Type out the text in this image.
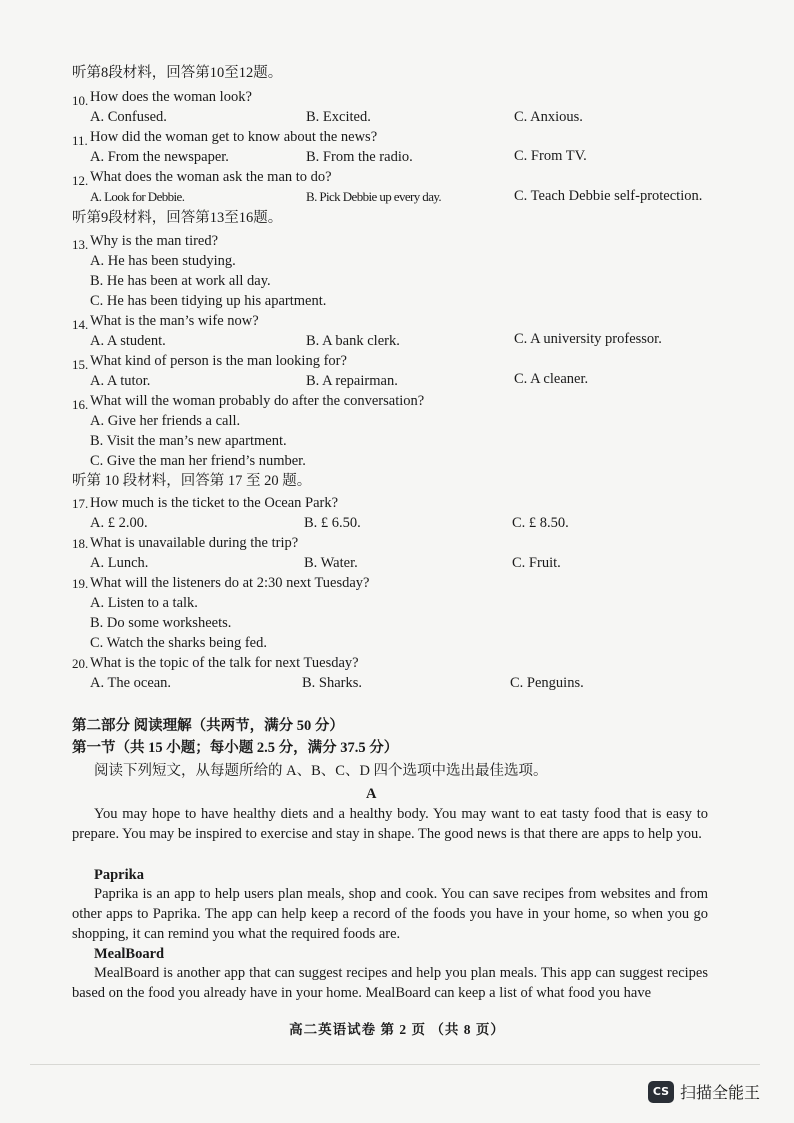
听第8段材料，回答第10至12题。
10. How does the woman look?
A. Confused.	B. Excited.	C. Anxious.
11. How did the woman get to know about the news?
A. From the newspaper.	B. From the radio.	C. From TV.
12. What does the woman ask the man to do?
A. Look for Debbie.	B. Pick Debbie up every day.	C. Teach Debbie self-protection.
听第9段材料，回答第13至16题。
13. Why is the man tired?
A. He has been studying.
B. He has been at work all day.
C. He has been tidying up his apartment.
14. What is the man’s wife now?
A. A student.	B. A bank clerk.	C. A university professor.
15. What kind of person is the man looking for?
A. A tutor.	B. A repairman.	C. A cleaner.
16. What will the woman probably do after the conversation?
A. Give her friends a call.
B. Visit the man’s new apartment.
C. Give the man her friend’s number.
听第 10 段材料，回答第 17 至 20 题。
17. How much is the ticket to the Ocean Park?
A. £ 2.00.	B. £ 6.50.	C. £ 8.50.
18. What is unavailable during the trip?
A. Lunch.	B. Water.	C. Fruit.
19. What will the listeners do at 2:30 next Tuesday?
A. Listen to a talk.
B. Do some worksheets.
C. Watch the sharks being fed.
20. What is the topic of the talk for next Tuesday?
A. The ocean.	B. Sharks.	C. Penguins.
第二部分 阅读理解（共两节，满分 50 分）
第一节（共 15 小题；每小题 2.5 分，满分 37.5 分）
阅读下列短文，从每题所给的 A、B、C、D 四个选项中选出最佳选项。
A
You may hope to have healthy diets and a healthy body. You may want to eat tasty food that is easy to prepare. You may be inspired to exercise and stay in shape. The good news is that there are apps to help you.
Paprika
Paprika is an app to help users plan meals, shop and cook. You can save recipes from websites and from other apps to Paprika. The app can help keep a record of the foods you have in your home, so when you go shopping, it can remind you what the required foods are.
MealBoard
MealBoard is another app that can suggest recipes and help you plan meals. This app can suggest recipes based on the food you already have in your home. MealBoard can keep a list of what food you have
高二英语试卷 第 2 页 （共 8 页）
CS 扫描全能王
